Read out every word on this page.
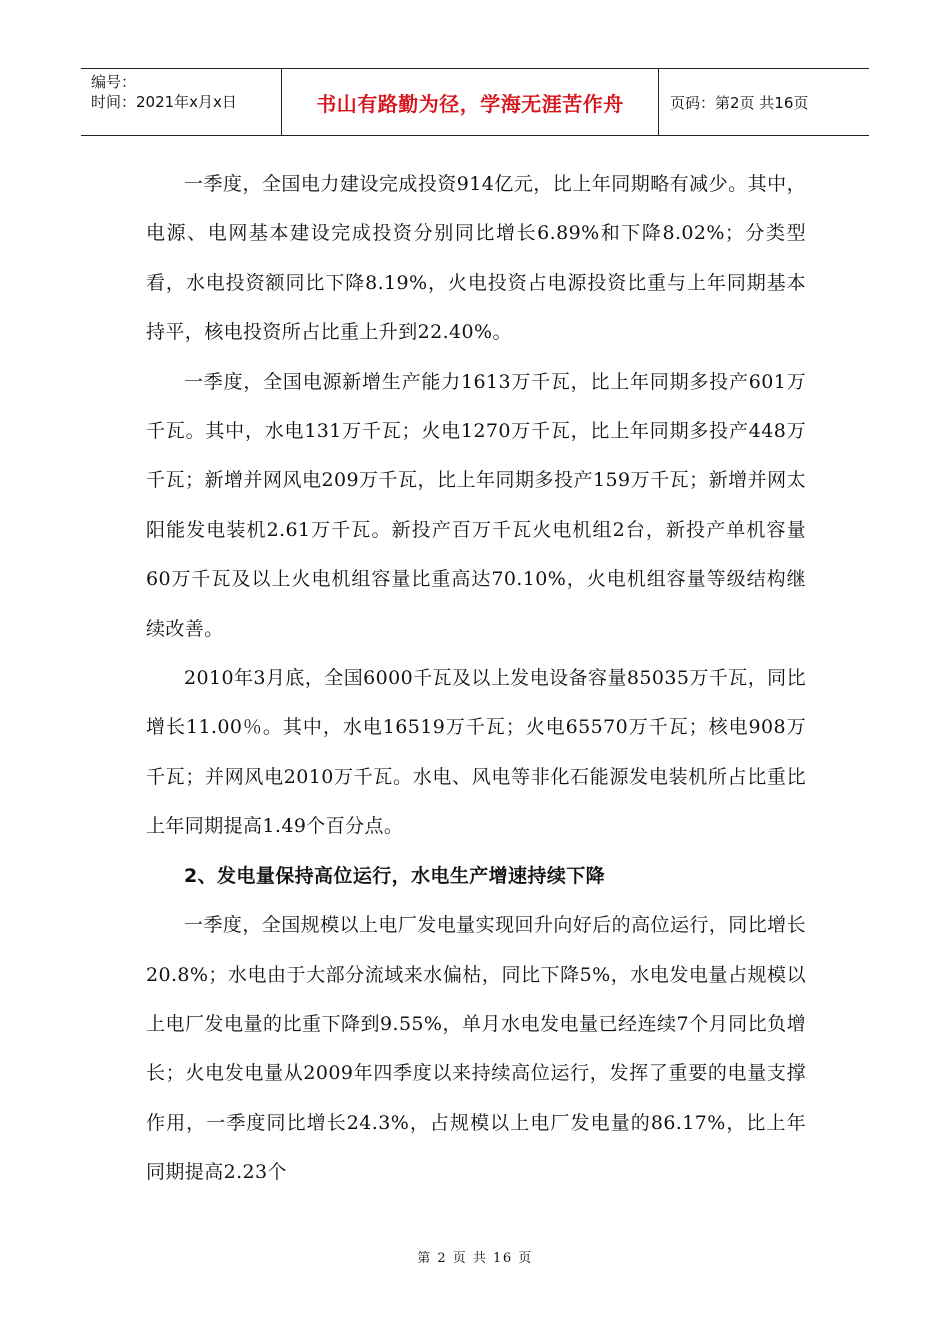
编号：
时间：2021年x月x日	书山有路勤为径，学海无涯苦作舟	页码：第2页 共16页

一季度，全国电力建设完成投资914亿元，比上年同期略有减少。其中，电源、电网基本建设完成投资分别同比增长6.89%和下降8.02%；分类型看，水电投资额同比下降8.19%，火电投资占电源投资比重与上年同期基本持平，核电投资所占比重上升到22.40%。

一季度，全国电源新增生产能力1613万千瓦，比上年同期多投产601万千瓦。其中，水电131万千瓦；火电1270万千瓦，比上年同期多投产448万千瓦；新增并网风电209万千瓦，比上年同期多投产159万千瓦；新增并网太阳能发电装机2.61万千瓦。新投产百万千瓦火电机组2台，新投产单机容量60万千瓦及以上火电机组容量比重高达70.10%，火电机组容量等级结构继续改善。

2010年3月底，全国6000千瓦及以上发电设备容量85035万千瓦，同比增长11.00％。其中，水电16519万千瓦；火电65570万千瓦；核电908万千瓦；并网风电2010万千瓦。水电、风电等非化石能源发电装机所占比重比上年同期提高1.49个百分点。

2、发电量保持高位运行，水电生产增速持续下降

一季度，全国规模以上电厂发电量实现回升向好后的高位运行，同比增长20.8%；水电由于大部分流域来水偏枯，同比下降5%，水电发电量占规模以上电厂发电量的比重下降到9.55%，单月水电发电量已经连续7个月同比负增长；火电发电量从2009年四季度以来持续高位运行，发挥了重要的电量支撑作用，一季度同比增长24.3%，占规模以上电厂发电量的86.17%，比上年同期提高2.23个

第 2 页 共 16 页
